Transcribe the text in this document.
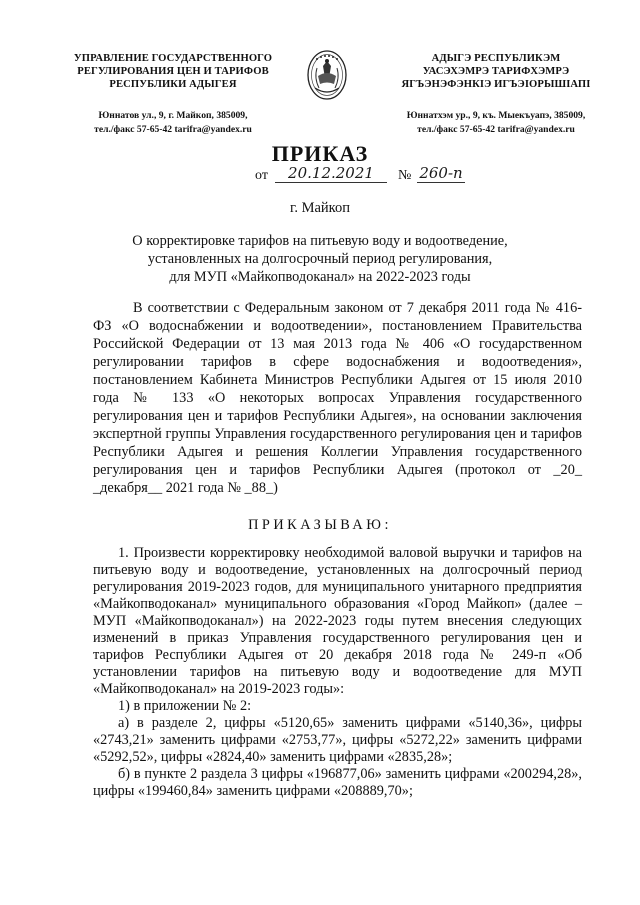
УПРАВЛЕНИЕ ГОСУДАРСТВЕННОГО
РЕГУЛИРОВАНИЯ ЦЕН И ТАРИФОВ
РЕСПУБЛИКИ АДЫГЕЯ
Юннатов ул., 9, г. Майкоп, 385009,
тел./факс 57-65-42 tarifra@yandex.ru
АДЫГЭ РЕСПУБЛИКЭМ
УАСЭХЭМРЭ ТАРИФХЭМРЭ
ЯГЪЭНЭФЭНКIЭ ИГЪЭIОРЫШIАПI
Юннатхэм ур., 9, къ. Мыекъуапэ, 385009,
тел./факс 57-65-42 tarifra@yandex.ru
ПРИКАЗ
от	20.12.2021	№ 260-п
г. Майкоп
О корректировке тарифов на питьевую воду и водоотведение,
установленных на долгосрочный период регулирования,
для МУП «Майкопводоканал» на 2022-2023 годы
В соответствии с Федеральным законом от 7 декабря 2011 года № 416-ФЗ «О водоснабжении и водоотведении», постановлением Правительства Российской Федерации от 13 мая 2013 года № 406 «О государственном регулировании тарифов в сфере водоснабжения и водоотведения», постановлением Кабинета Министров Республики Адыгея от 15 июля 2010 года № 133 «О некоторых вопросах Управления государственного регулирования цен и тарифов Республики Адыгея», на основании заключения экспертной группы Управления государственного регулирования цен и тарифов Республики Адыгея и решения Коллегии Управления государственного регулирования цен и тарифов Республики Адыгея (протокол от _20_ _декабря__ 2021 года № _88_)
ПРИКАЗЫВАЮ:

1. Произвести корректировку необходимой валовой выручки и тарифов на питьевую воду и водоотведение, установленных на долгосрочный период регулирования 2019-2023 годов, для муниципального унитарного предприятия «Майкопводоканал» муниципального образования «Город Майкоп» (далее – МУП «Майкопводоканал») на 2022-2023 годы путем внесения следующих изменений в приказ Управления государственного регулирования цен и тарифов Республики Адыгея от 20 декабря 2018 года № 249-п «Об установлении тарифов на питьевую воду и водоотведение для МУП «Майкопводоканал» на 2019-2023 годы»:

1) в приложении № 2:

а) в разделе 2, цифры «5120,65» заменить цифрами «5140,36», цифры «2743,21» заменить цифрами «2753,77», цифры «5272,22» заменить цифрами «5292,52», цифры «2824,40» заменить цифрами «2835,28»;

б) в пункте 2 раздела 3 цифры «196877,06» заменить цифрами «200294,28», цифры «199460,84» заменить цифрами «208889,70»;
